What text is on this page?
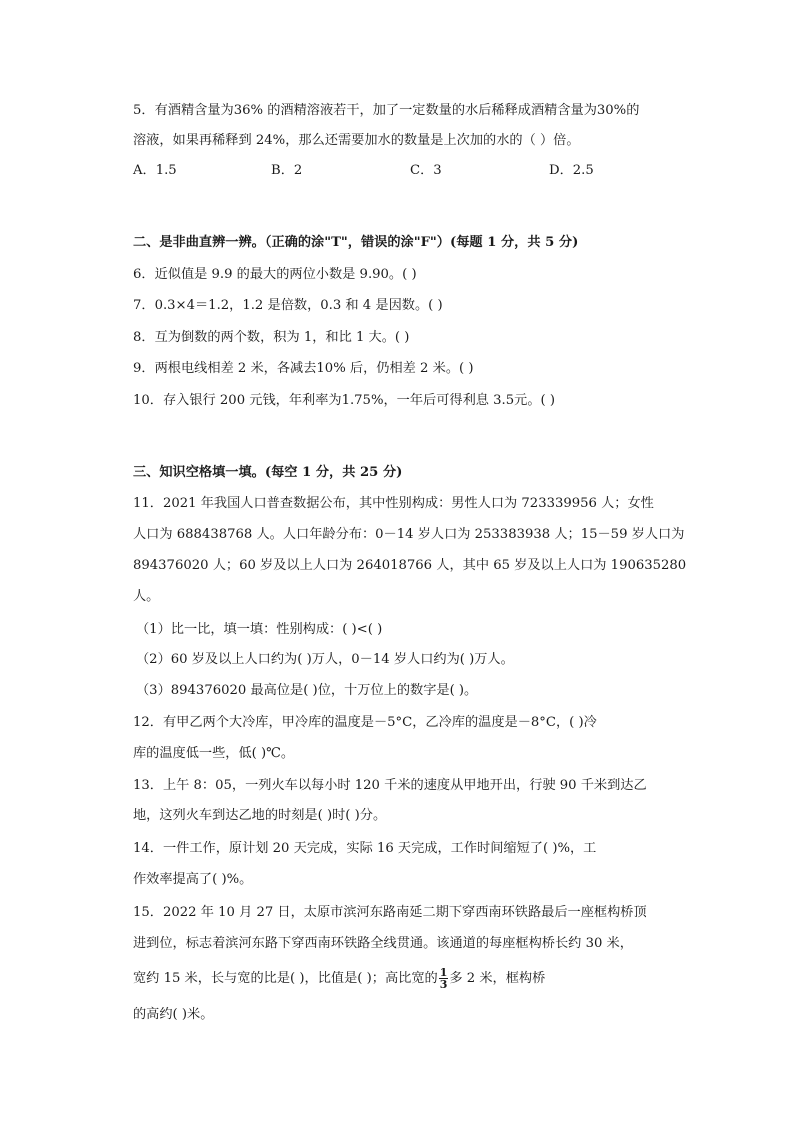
5．有酒精含量为36% 的酒精溶液若干，加了一定数量的水后稀释成酒精含量为30%的
溶液，如果再稀释到 24%，那么还需要加水的数量是上次加的水的（ ）倍。
A．1.5	B．2	C．3	D．2.5
二、是非曲直辨一辨。（正确的涂"T"，错误的涂"F"）(每题 1 分，共 5 分)
6．近似值是 9.9 的最大的两位小数是 9.90。( )
7．0.3×4＝1.2，1.2 是倍数，0.3 和 4 是因数。( )
8．互为倒数的两个数，积为 1，和比 1 大。( )
9．两根电线相差 2 米，各减去10% 后，仍相差 2 米。( )
10．存入银行 200 元钱，年利率为1.75%，一年后可得利息 3.5元。( )
三、知识空格填一填。(每空 1 分，共 25 分)
11．2021 年我国人口普查数据公布，其中性别构成：男性人口为 723339956 人；女性
人口为 688438768 人。人口年龄分布：0－14 岁人口为 253383938 人；15－59 岁人口为
894376020 人；60 岁及以上人口为 264018766 人，其中 65 岁及以上人口为 190635280
人。
（1）比一比，填一填：性别构成：( )<( )
（2）60 岁及以上人口约为( )万人，0－14 岁人口约为( )万人。
（3）894376020 最高位是( )位，十万位上的数字是( )。
12．有甲乙两个大冷库，甲冷库的温度是－5°C，乙冷库的温度是－8°C，( )冷
库的温度低一些，低( )℃。
13．上午 8：05，一列火车以每小时 120 千米的速度从甲地开出，行驶 90 千米到达乙
地，这列火车到达乙地的时刻是( )时( )分。
14．一件工作，原计划 20 天完成，实际 16 天完成，工作时间缩短了( )%，工
作效率提高了( )%。
15．2022 年 10 月 27 日，太原市滨河东路南延二期下穿西南环铁路最后一座框构桥顶
进到位，标志着滨河东路下穿西南环铁路全线贯通。该通道的每座框构桥长约 30 米，
宽约 15 米，长与宽的比是( )，比值是( )；高比宽的 $\frac{1}{3}$ 多 2 米，框构桥
的高约( )米。
